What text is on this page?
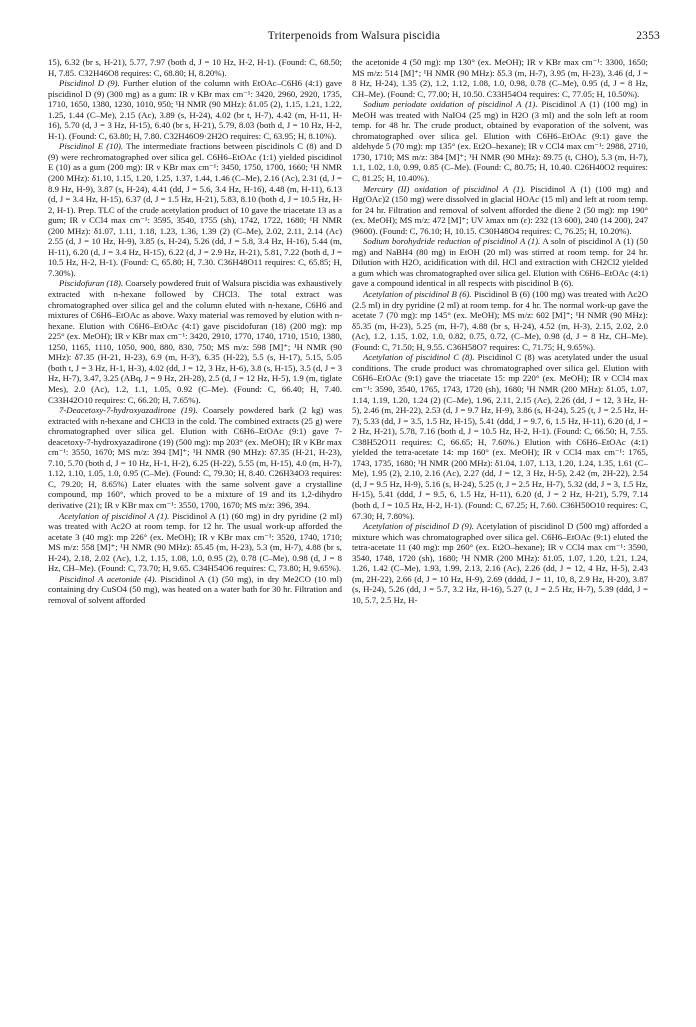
Triterpenoids from Walsura piscidia	2353

15), 6.32 (br s, H-21), 5.77, 7.97 (both d, J = 10 Hz, H-2, H-1). (Found: C, 68.50; H, 7.85. C32H46O8 requires: C, 68.80; H, 8.20%).

Piscidinol D (9). Further elution of the column with EtOAc–C6H6 (4:1) gave piscidinol D (9) (300 mg) as a gum: IR ν KBr max cm⁻¹: 3420, 2960, 2920, 1735, 1710, 1650, 1380, 1230, 1010, 950; ¹H NMR (90 MHz): δ1.05 (2), 1.15, 1.21, 1.22, 1.25, 1.44 (C–Me), 2.15 (Ac), 3.89 (s, H-24), 4.02 (br t, H-7), 4.42 (m, H-11, H-16), 5.70 (d, J = 3 Hz, H-15), 6.40 (br s, H-21), 5.79, 8.03 (both d, J = 10 Hz, H-2, H-1). (Found: C, 63.80; H, 7.80. C32H46O9·2H2O requires: C, 63.95; H, 8.10%).

Piscidinol E (10). The intermediate fractions between piscidinols C (8) and D (9) were rechromatographed over silica gel. C6H6–EtOAc (1:1) yielded piscidinol E (10) as a gum (200 mg): IR ν KBr max cm⁻¹: 3450, 1750, 1700, 1660; ¹H NMR (200 MHz): δ1.10, 1.15, 1.20, 1.25, 1.37, 1.44, 1.46 (C–Me), 2.16 (Ac), 2.31 (d, J = 8.9 Hz, H-9), 3.87 (s, H-24), 4.41 (dd, J = 5.6, 3.4 Hz, H-16), 4.48 (m, H-11), 6.13 (d, J = 3.4 Hz, H-15), 6.37 (d, J = 1.5 Hz, H-21), 5.83, 8.10 (both d, J = 10.5 Hz, H-2, H-1). Prep. TLC of the crude acetylation product of 10 gave the triacetate 13 as a gum; IR ν CCl4 max cm⁻¹: 3595, 3540, 1755 (sh), 1742, 1722, 1680; ¹H NMR (200 MHz): δ1.07, 1.11, 1.18, 1.23, 1.36, 1.39 (2) (C–Me), 2.02, 2.11, 2.14 (Ac) 2.55 (d, J = 10 Hz, H-9), 3.85 (s, H-24), 5.26 (dd, J = 5.8, 3.4 Hz, H-16), 5.44 (m, H-11), 6.20 (d, J = 3.4 Hz, H-15), 6.22 (d, J = 2.9 Hz, H-21), 5.81, 7.22 (both d, J = 10.5 Hz, H-2, H-1). (Found: C, 65.80; H, 7.30. C36H48O11 requires: C, 65.85; H, 7.30%).

Piscidofuran (18). Coarsely powdered fruit of Walsura piscidia was exhaustively extracted with n-hexane followed by CHCl3. The total extract was chromatographed over silica gel and the column eluted with n-hexane, C6H6 and mixtures of C6H6–EtOAc as above. Waxy material was removed by elution with n-hexane. Elution with C6H6–EtOAc (4:1) gave piscidofuran (18) (200 mg): mp 225° (ex. MeOH); IR ν KBr max cm⁻¹: 3420, 2910, 1770, 1740, 1710, 1510, 1380, 1250, 1165, 1110, 1050, 900, 880, 830, 750; MS m/z: 598 [M]⁺; ¹H NMR (90 MHz): δ7.35 (H-21, H-23), 6.9 (m, H-3'), 6.35 (H-22), 5.5 (s, H-17), 5.15, 5.05 (both t, J = 3 Hz, H-1, H-3), 4.02 (dd, J = 12, 3 Hz, H-6), 3.8 (s, H-15), 3.5 (d, J = 3 Hz, H-7), 3.47, 3.25 (ABq, J = 9 Hz, 2H-28), 2.5 (d, J = 12 Hz, H-5), 1.9 (m, tiglate Mes), 2.0 (Ac), 1.2, 1.1, 1.05, 0.92 (C–Me). (Found: C, 66.40; H, 7.40. C33H42O10 requires: C, 66.20; H, 7.65%).

7-Deacetoxy-7-hydroxyazadirone (19). Coarsely powdered bark (2 kg) was extracted with n-hexane and CHCl3 in the cold. The combined extracts (25 g) were chromatographed over silica gel. Elution with C6H6–EtOAc (9:1) gave 7-deacetoxy-7-hydroxyazadirone (19) (500 mg): mp 203° (ex. MeOH); IR ν KBr max cm⁻¹: 3550, 1670; MS m/z: 394 [M]⁺; ¹H NMR (90 MHz): δ7.35 (H-21, H-23), 7.10, 5.70 (both d, J = 10 Hz, H-1, H-2), 6.25 (H-22), 5.55 (m, H-15), 4.0 (m, H-7), 1.12, 1.10, 1.05, 1.0, 0.95 (C–Me). (Found: C, 79.30; H, 8.40. C26H34O3 requires: C, 79.20; H, 8.65%) Later eluates with the same solvent gave a crystalline compound, mp 160°, which proved to be a mixture of 19 and its 1,2-dihydro derivative (21); IR ν KBr max cm⁻¹: 3550, 1700, 1670; MS m/z: 396, 394.

Acetylation of piscidinol A (1). Piscidinol A (1) (60 mg) in dry pyridine (2 ml) was treated with Ac2O at room temp. for 12 hr. The usual work-up afforded the acetate 3 (40 mg): mp 226° (ex. MeOH); IR ν KBr max cm⁻¹: 3520, 1740, 1710; MS m/z: 558 [M]⁺; ¹H NMR (90 MHz): δ5.45 (m, H-23), 5.3 (m, H-7), 4.88 (br s, H-24), 2.18, 2.02 (Ac), 1.2, 1.15, 1.08, 1.0, 0.95 (2), 0.78 (C–Me), 0.98 (d, J = 8 Hz, CH–Me). (Found: C, 73.70; H, 9.65. C34H54O6 requires: C, 73.80; H, 9.65%).

Piscidinol A acetonide (4). Piscidinol A (1) (50 mg), in dry Me2CO (10 ml) containing dry CuSO4 (50 mg), was heated on a water bath for 30 hr. Filtration and removal of solvent afforded

the acetonide 4 (50 mg): mp 130° (ex. MeOH); IR ν KBr max cm⁻¹: 3300, 1650; MS m/z: 514 [M]⁺; ¹H NMR (90 MHz): δ5.3 (m, H-7), 3.95 (m, H-23), 3.46 (d, J = 8 Hz, H-24), 1.35 (2), 1.2, 1.12, 1.08, 1.0, 0.98, 0.78 (C–Me), 0.95 (d, J = 8 Hz, CH–Me). (Found: C, 77.00; H, 10.50. C33H54O4 requires: C, 77.05; H, 10.50%).

Sodium periodate oxidation of piscidinol A (1). Piscidinol A (1) (100 mg) in MeOH was treated with NaIO4 (25 mg) in H2O (3 ml) and the soln left at room temp. for 48 hr. The crude product, obtained by evaporation of the solvent, was chromatographed over silica gel. Elution with C6H6–EtOAc (9:1) gave the aldehyde 5 (70 mg): mp 135° (ex. Et2O–hexane); IR ν CCl4 max cm⁻¹: 2988, 2710, 1730, 1710; MS m/z: 384 [M]⁺; ¹H NMR (90 MHz): δ9.75 (t, CHO), 5.3 (m, H-7), 1.1, 1.02, 1.0, 0.99, 0.85 (C–Me). (Found: C, 80.75; H, 10.40. C26H40O2 requires: C, 81.25; H, 10.40%).

Mercury (II) oxidation of piscidinol A (1). Piscidinol A (1) (100 mg) and Hg(OAc)2 (150 mg) were dissolved in glacial HOAc (15 ml) and left at room temp. for 24 hr. Filtration and removal of solvent afforded the diene 2 (50 mg): mp 190° (ex. MeOH); MS m/z: 472 [M]⁺; UV λmax nm (ε): 232 (13 600), 240 (14 200), 247 (9600). (Found: C, 76.10; H, 10.15. C30H48O4 requires: C, 76.25; H, 10.20%).

Sodium borohydride reduction of piscidinol A (1). A soln of piscidinol A (1) (50 mg) and NaBH4 (80 mg) in EtOH (20 ml) was stirred at room temp. for 24 hr. Dilution with H2O, acidification with dil. HCl and extraction with CH2Cl2 yielded a gum which was chromatographed over silica gel. Elution with C6H6–EtOAc (4:1) gave a compound identical in all respects with piscidinol B (6).

Acetylation of piscidinol B (6). Piscidinol B (6) (100 mg) was treated with Ac2O (2.5 ml) in dry pyridine (2 ml) at room temp. for 4 hr. The normal work-up gave the acetate 7 (70 mg): mp 145° (ex. MeOH); MS m/z: 602 [M]⁺; ¹H NMR (90 MHz): δ5.35 (m, H-23), 5.25 (m, H-7), 4.88 (br s, H-24), 4.52 (m, H-3), 2.15, 2.02, 2.0 (Ac), 1.2, 1.15, 1.02, 1.0, 0.82, 0.75, 0.72, (C–Me), 0.98 (d, J = 8 Hz, CH–Me). (Found: C, 71.50; H, 9.55. C36H58O7 requires: C, 71.75; H, 9.65%).

Acetylation of piscidinol C (8). Piscidinol C (8) was acetylated under the usual conditions. The crude product was chromatographed over silica gel. Elution with C6H6–EtOAc (9:1) gave the triacetate 15: mp 220° (ex. MeOH); IR ν CCl4 max cm⁻¹: 3590, 3540, 1765, 1743, 1720 (sh), 1680; ¹H NMR (200 MHz): δ1.05, 1.07, 1.14, 1.19, 1.20, 1.24 (2) (C–Me), 1.96, 2.11, 2.15 (Ac), 2.26 (dd, J = 12, 3 Hz, H-5), 2.46 (m, 2H-22), 2.53 (d, J = 9.7 Hz, H-9), 3.86 (s, H-24), 5.25 (t, J = 2.5 Hz, H-7), 5.33 (dd, J = 3.5, 1.5 Hz, H-15), 5.41 (ddd, J = 9.7, 6, 1.5 Hz, H-11), 6.20 (d, J = 2 Hz, H-21), 5.78, 7.16 (both d, J = 10.5 Hz, H-2, H-1). (Found: C, 66.50; H, 7.55. C38H52O11 requires: C, 66.65; H, 7.60%.) Elution with C6H6–EtOAc (4:1) yielded the tetra-acetate 14: mp 160° (ex. MeOH); IR ν CCl4 max cm⁻¹: 1765, 1743, 1735, 1680; ¹H NMR (200 MHz): δ1.04, 1.07, 1.13, 1.20, 1.24, 1.35, 1.61 (C–Me), 1.95 (2), 2.10, 2.16 (Ac), 2.27 (dd, J = 12, 3 Hz, H-5), 2.42 (m, 2H-22), 2.54 (d, J = 9.5 Hz, H-9), 5.16 (s, H-24), 5.25 (t, J = 2.5 Hz, H-7), 5.32 (dd, J = 3, 1.5 Hz, H-15), 5.41 (ddd, J = 9.5, 6, 1.5 Hz, H-11), 6.20 (d, J = 2 Hz, H-21), 5.79, 7.14 (both d, J = 10.5 Hz, H-2, H-1). (Found: C, 67.25; H, 7.60. C36H50O10 requires: C, 67.30; H, 7.80%).

Acetylation of piscidinol D (9). Acetylation of piscidinol D (500 mg) afforded a mixture which was chromatographed over silica gel. C6H6–EtOAc (9:1) eluted the tetra-acetate 11 (40 mg): mp 260° (ex. Et2O–hexane); IR ν CCl4 max cm⁻¹: 3590, 3540, 1748, 1720 (sh), 1680; ¹H NMR (200 MHz): δ1.05, 1.07, 1.20, 1.21, 1.24, 1.26, 1.42 (C–Me), 1.93, 1.99, 2.13, 2.16 (Ac), 2.26 (dd, J = 12, 4 Hz, H-5), 2.43 (m, 2H-22), 2.66 (d, J = 10 Hz, H-9), 2.69 (dddd, J = 11, 10, 8, 2.9 Hz, H-20), 3.87 (s, H-24), 5.26 (dd, J = 5.7, 3.2 Hz, H-16), 5.27 (t, J = 2.5 Hz, H-7), 5.39 (ddd, J = 10, 5.7, 2.5 Hz, H-
